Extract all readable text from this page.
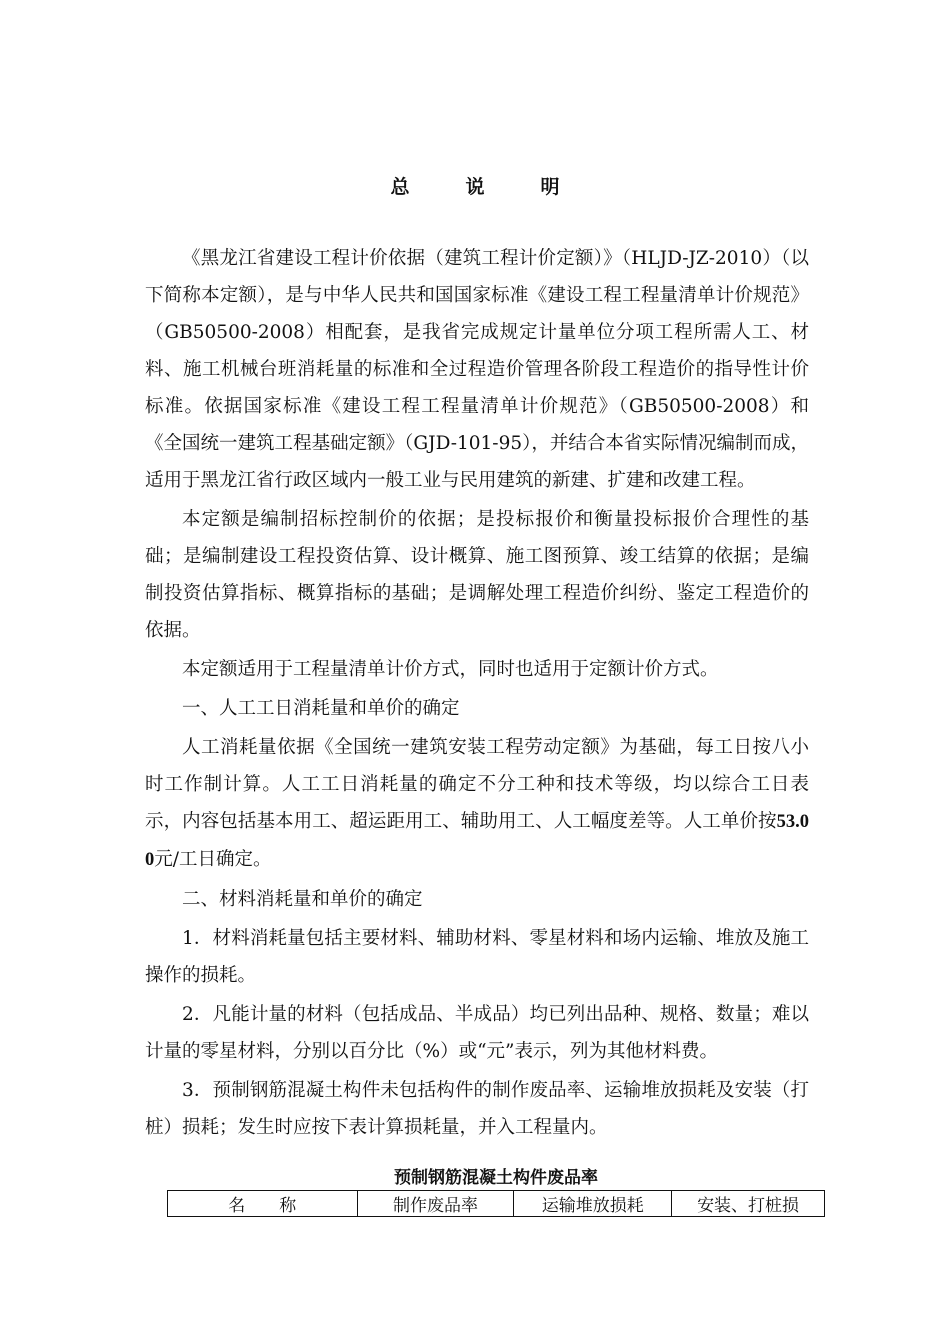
总	说	明

《黑龙江省建设工程计价依据（建筑工程计价定额）》（HLJD-JZ-2010）（以下简称本定额），是与中华人民共和国国家标准《建设工程工程量清单计价规范》（GB50500-2008）相配套，是我省完成规定计量单位分项工程所需人工、材料、施工机械台班消耗量的标准和全过程造价管理各阶段工程造价的指导性计价标准。依据国家标准《建设工程工程量清单计价规范》（GB50500-2008）和《全国统一建筑工程基础定额》（GJD-101-95），并结合本省实际情况编制而成，适用于黑龙江省行政区域内一般工业与民用建筑的新建、扩建和改建工程。

本定额是编制招标控制价的依据；是投标报价和衡量投标报价合理性的基础；是编制建设工程投资估算、设计概算、施工图预算、竣工结算的依据；是编制投资估算指标、概算指标的基础；是调解处理工程造价纠纷、鉴定工程造价的依据。

本定额适用于工程量清单计价方式，同时也适用于定额计价方式。

一、人工工日消耗量和单价的确定

人工消耗量依据《全国统一建筑安装工程劳动定额》为基础，每工日按八小时工作制计算。人工工日消耗量的确定不分工种和技术等级，均以综合工日表示，内容包括基本用工、超运距用工、辅助用工、人工幅度差等。人工单价按53.00元/工日确定。

二、材料消耗量和单价的确定

1．材料消耗量包括主要材料、辅助材料、零星材料和场内运输、堆放及施工操作的损耗。

2．凡能计量的材料（包括成品、半成品）均已列出品种、规格、数量；难以计量的零星材料，分别以百分比（%）或“元”表示，列为其他材料费。

3．预制钢筋混凝土构件未包括构件的制作废品率、运输堆放损耗及安装（打桩）损耗；发生时应按下表计算损耗量，并入工程量内。

预制钢筋混凝土构件废品率
名　　称	制作废品率	运输堆放损耗	安装、打桩损
